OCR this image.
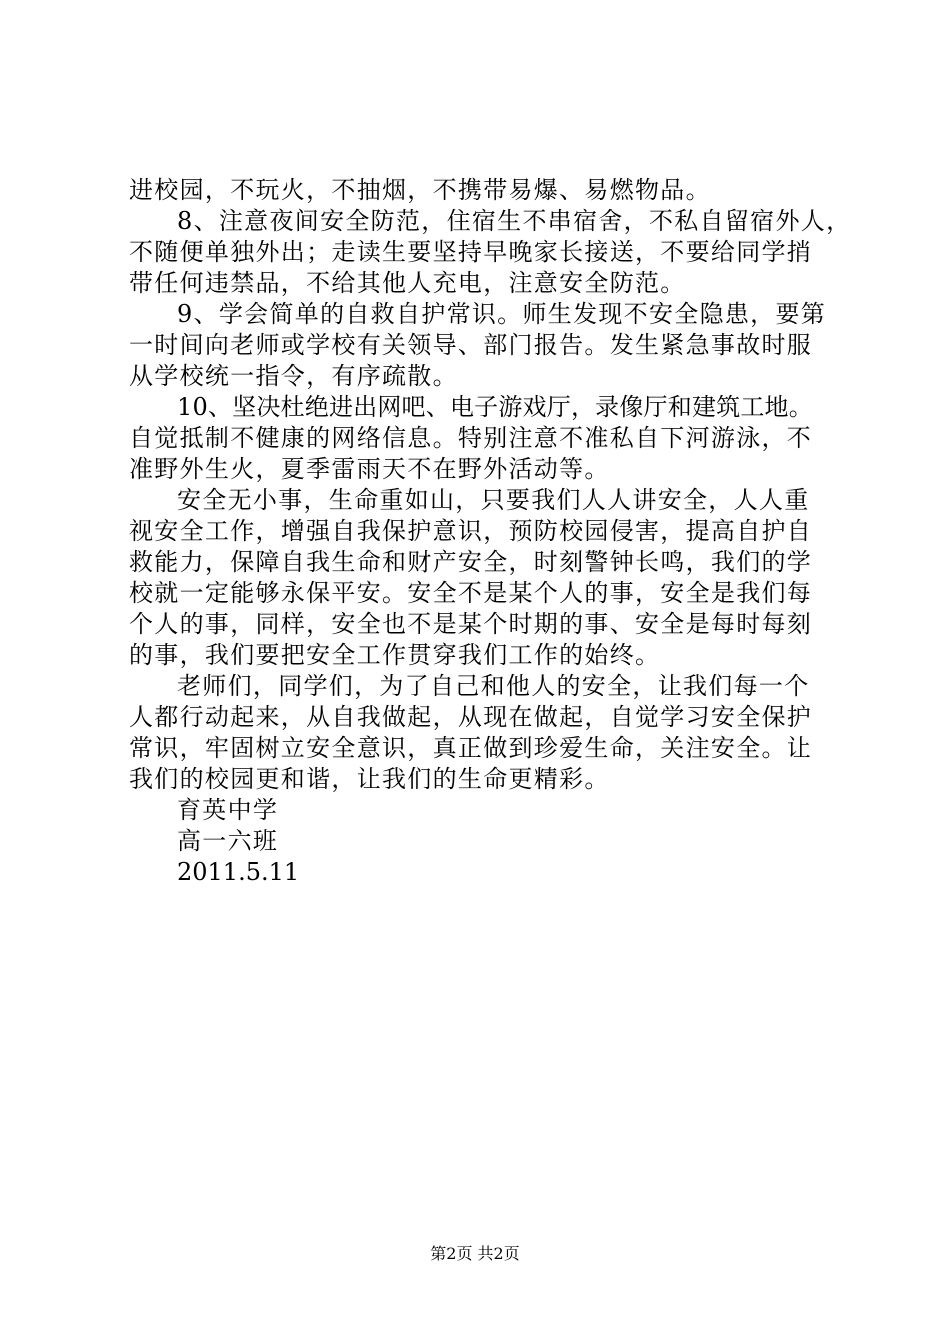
进校园，不玩火，不抽烟，不携带易爆、易燃物品。
8、注意夜间安全防范，住宿生不串宿舍，不私自留宿外人，
不随便单独外出；走读生要坚持早晚家长接送，不要给同学捎
带任何违禁品，不给其他人充电，注意安全防范。
9、学会简单的自救自护常识。师生发现不安全隐患，要第
一时间向老师或学校有关领导、部门报告。发生紧急事故时服
从学校统一指令，有序疏散。
10、坚决杜绝进出网吧、电子游戏厅，录像厅和建筑工地。
自觉抵制不健康的网络信息。特别注意不准私自下河游泳，不
准野外生火，夏季雷雨天不在野外活动等。
安全无小事，生命重如山，只要我们人人讲安全，人人重
视安全工作，增强自我保护意识，预防校园侵害，提高自护自
救能力，保障自我生命和财产安全，时刻警钟长鸣，我们的学
校就一定能够永保平安。安全不是某个人的事，安全是我们每
个人的事，同样，安全也不是某个时期的事、安全是每时每刻
的事，我们要把安全工作贯穿我们工作的始终。
老师们，同学们，为了自己和他人的安全，让我们每一个
人都行动起来，从自我做起，从现在做起，自觉学习安全保护
常识，牢固树立安全意识，真正做到珍爱生命，关注安全。让
我们的校园更和谐，让我们的生命更精彩。
育英中学
高一六班
2011.5.11
第2页 共2页
